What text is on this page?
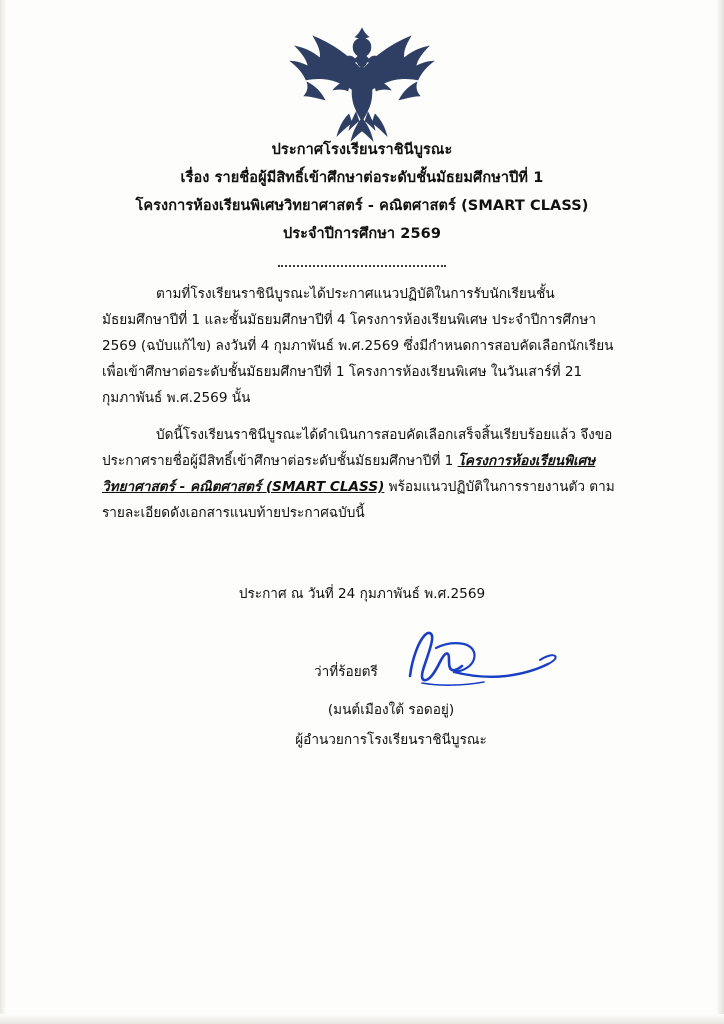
ประกาศโรงเรียนราชินีบูรณะ
เรื่อง รายชื่อผู้มีสิทธิ์เข้าศึกษาต่อระดับชั้นมัธยมศึกษาปีที่ 1
โครงการห้องเรียนพิเศษวิทยาศาสตร์ - คณิตศาสตร์ (SMART CLASS)
ประจำปีการศึกษา 2569

ตามที่โรงเรียนราชินีบูรณะได้ประกาศแนวปฏิบัติในการรับนักเรียนชั้นมัธยมศึกษาปีที่ 1 และชั้นมัธยมศึกษาปีที่ 4 โครงการห้องเรียนพิเศษ ประจำปีการศึกษา 2569 (ฉบับแก้ไข) ลงวันที่ 4 กุมภาพันธ์ พ.ศ.2569 ซึ่งมีกำหนดการสอบคัดเลือกนักเรียนเพื่อเข้าศึกษาต่อระดับชั้นมัธยมศึกษาปีที่ 1 โครงการห้องเรียนพิเศษ ในวันเสาร์ที่ 21 กุมภาพันธ์ พ.ศ.2569 นั้น

บัดนี้โรงเรียนราชินีบูรณะได้ดำเนินการสอบคัดเลือกเสร็จสิ้นเรียบร้อยแล้ว จึงขอประกาศรายชื่อผู้มีสิทธิ์เข้าศึกษาต่อระดับชั้นมัธยมศึกษาปีที่ 1 โครงการห้องเรียนพิเศษวิทยาศาสตร์ - คณิตศาสตร์ (SMART CLASS) พร้อมแนวปฏิบัติในการรายงานตัว ตามรายละเอียดดังเอกสารแนบท้ายประกาศฉบับนี้

ประกาศ ณ วันที่ 24 กุมภาพันธ์ พ.ศ.2569
ว่าที่ร้อยตรี
(มนต์เมืองใต้ รอดอยู่)
ผู้อำนวยการโรงเรียนราชินีบูรณะ
